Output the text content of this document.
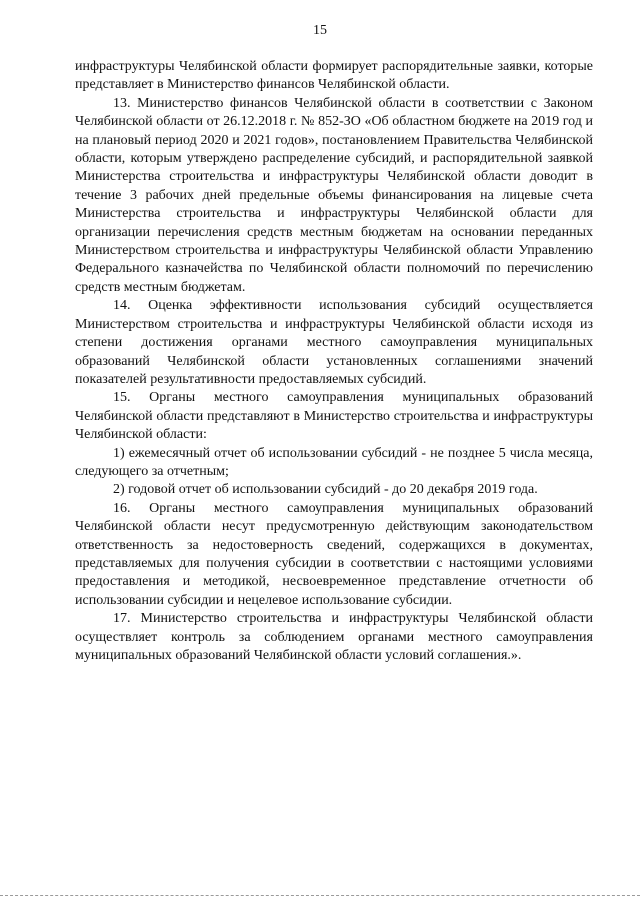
15

инфраструктуры Челябинской области формирует распорядительные заявки, которые представляет в Министерство финансов Челябинской области.

13. Министерство финансов Челябинской области в соответствии с Законом Челябинской области от 26.12.2018 г. № 852-ЗО «Об областном бюджете на 2019 год и на плановый период 2020 и 2021 годов», постановлением Правительства Челябинской области, которым утверждено распределение субсидий, и распорядительной заявкой Министерства строительства и инфраструктуры Челябинской области доводит в течение 3 рабочих дней предельные объемы финансирования на лицевые счета Министерства строительства и инфраструктуры Челябинской области для организации перечисления средств местным бюджетам на основании переданных Министерством строительства и инфраструктуры Челябинской области Управлению Федерального казначейства по Челябинской области полномочий по перечислению средств местным бюджетам.

14. Оценка эффективности использования субсидий осуществляется Министерством строительства и инфраструктуры Челябинской области исходя из степени достижения органами местного самоуправления муниципальных образований Челябинской области установленных соглашениями значений показателей результативности предоставляемых субсидий.

15. Органы местного самоуправления муниципальных образований Челябинской области представляют в Министерство строительства и инфраструктуры Челябинской области:

1) ежемесячный отчет об использовании субсидий - не позднее 5 числа месяца, следующего за отчетным;

2) годовой отчет об использовании субсидий - до 20 декабря 2019 года.

16. Органы местного самоуправления муниципальных образований Челябинской области несут предусмотренную действующим законодательством ответственность за недостоверность сведений, содержащихся в документах, представляемых для получения субсидии в соответствии с настоящими условиями предоставления и методикой, несвоевременное представление отчетности об использовании субсидии и нецелевое использование субсидии.

17. Министерство строительства и инфраструктуры Челябинской области осуществляет контроль за соблюдением органами местного самоуправления муниципальных образований Челябинской области условий соглашения.».
